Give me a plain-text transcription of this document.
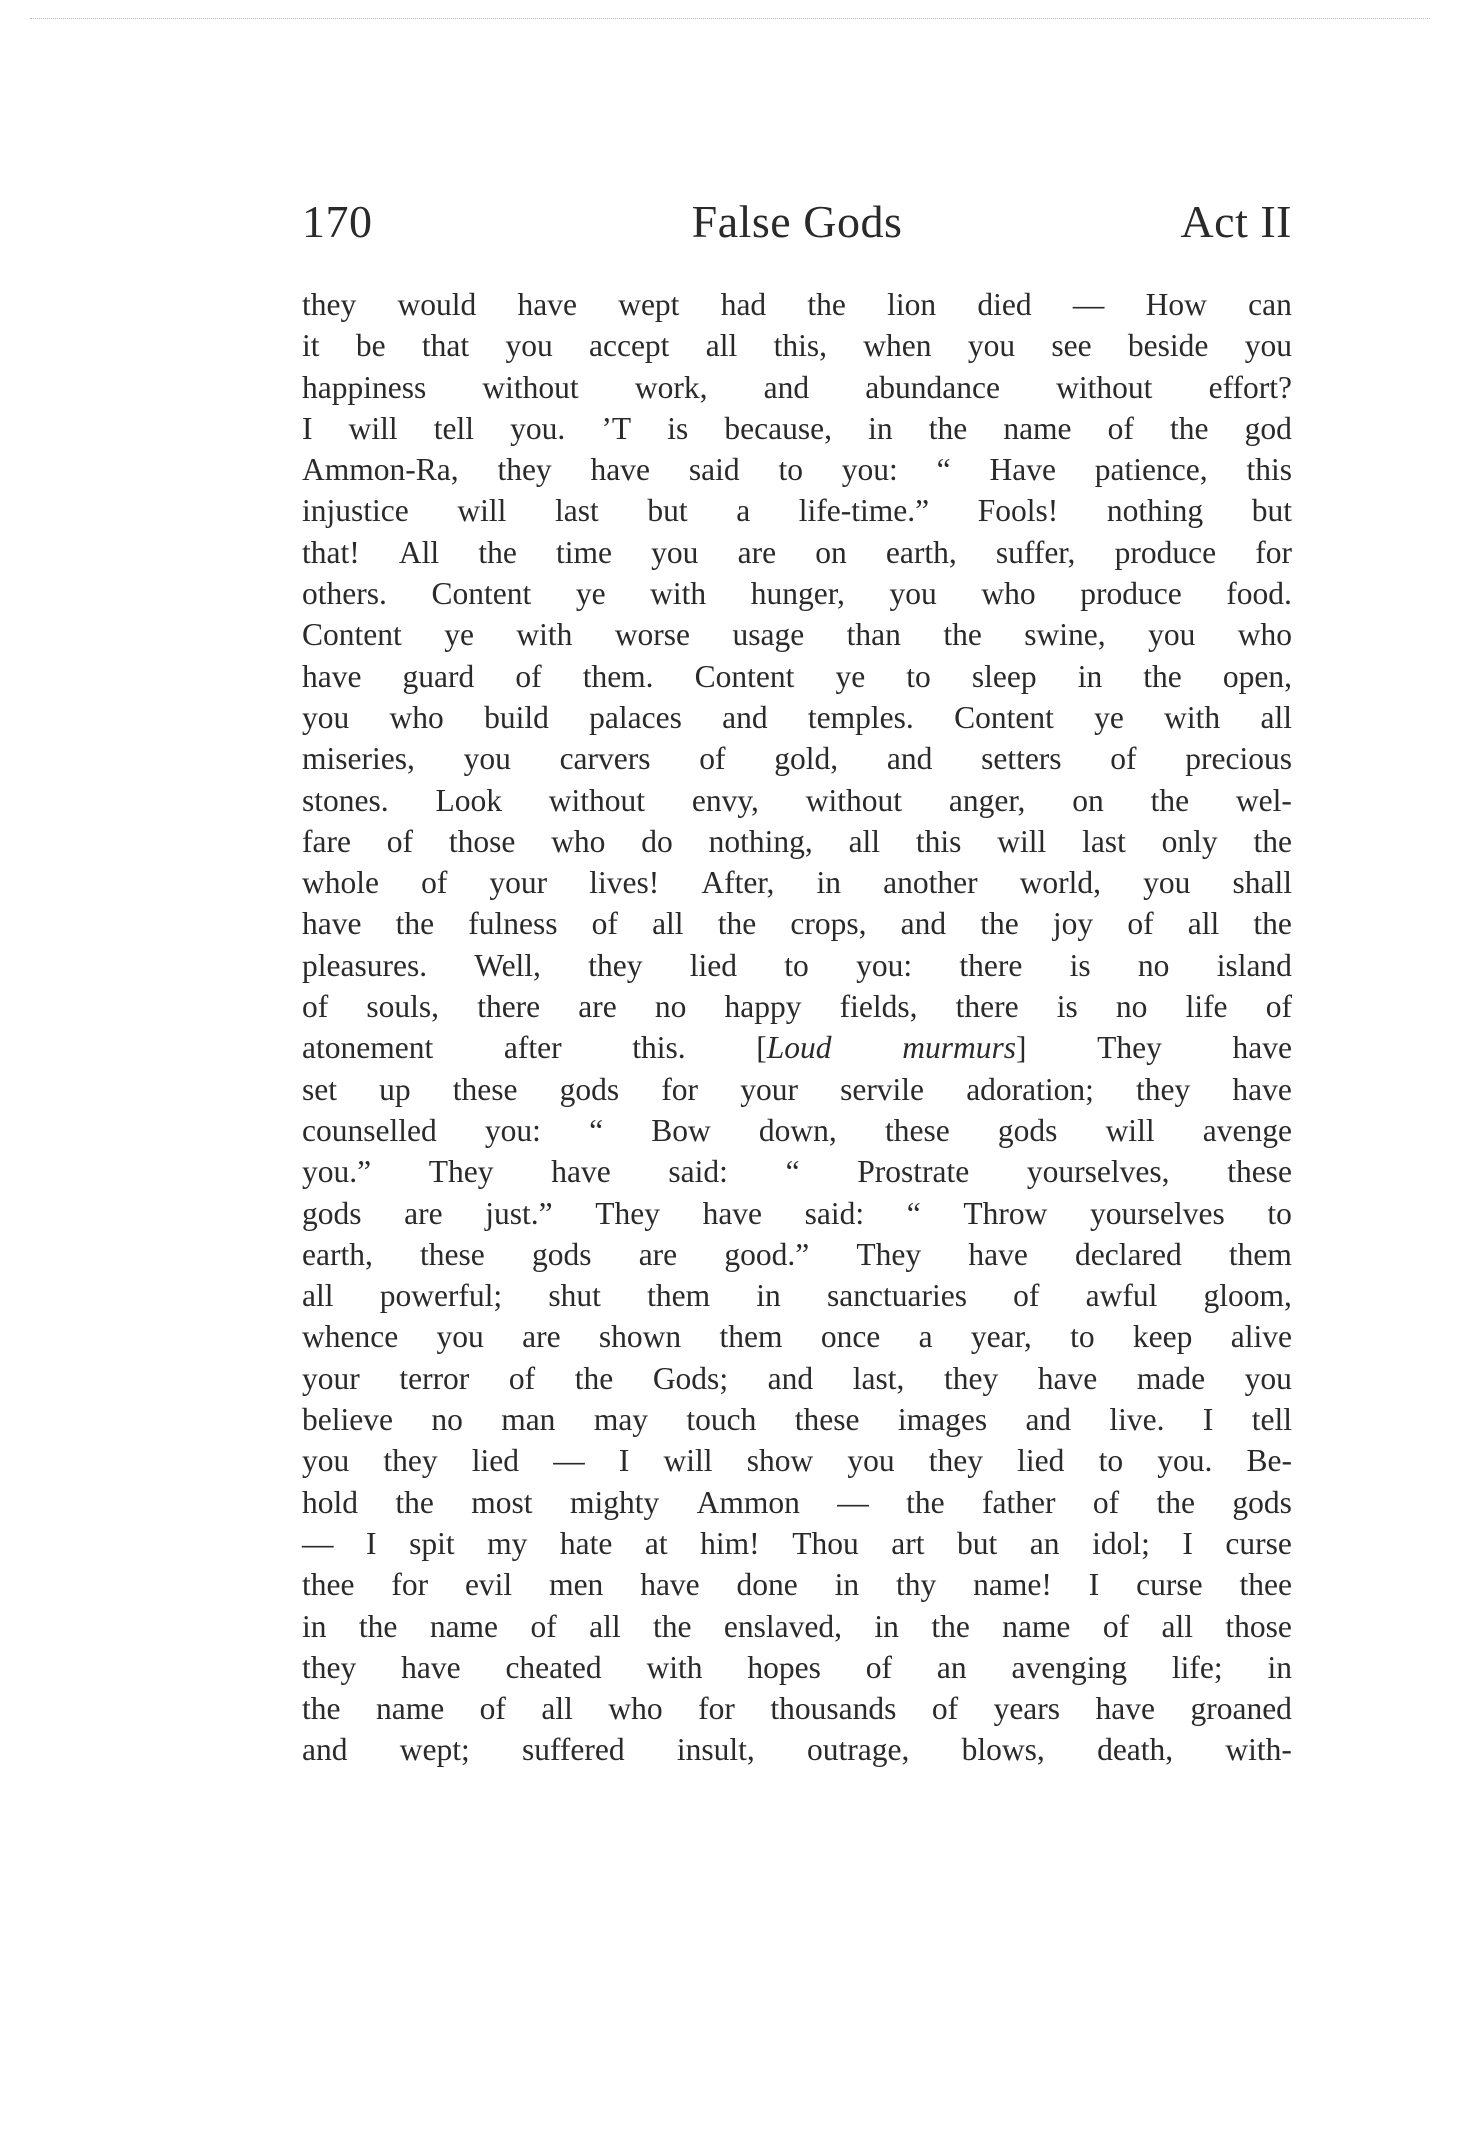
170	False Gods	Act II
they would have wept had the lion died — How can
it be that you accept all this, when you see beside you
happiness without work, and abundance without effort?
I will tell you. ’T is because, in the name of the god
Ammon-Ra, they have said to you: “ Have patience, this
injustice will last but a life-time.” Fools! nothing but
that! All the time you are on earth, suffer, produce for
others. Content ye with hunger, you who produce food.
Content ye with worse usage than the swine, you who
have guard of them. Content ye to sleep in the open,
you who build palaces and temples. Content ye with all
miseries, you carvers of gold, and setters of precious
stones. Look without envy, without anger, on the wel-
fare of those who do nothing, all this will last only the
whole of your lives! After, in another world, you shall
have the fulness of all the crops, and the joy of all the
pleasures. Well, they lied to you: there is no island
of souls, there are no happy fields, there is no life of
atonement after this. [Loud murmurs] They have
set up these gods for your servile adoration; they have
counselled you: “ Bow down, these gods will avenge
you.” They have said: “ Prostrate yourselves, these
gods are just.” They have said: “ Throw yourselves to
earth, these gods are good.” They have declared them
all powerful; shut them in sanctuaries of awful gloom,
whence you are shown them once a year, to keep alive
your terror of the Gods; and last, they have made you
believe no man may touch these images and live. I tell
you they lied — I will show you they lied to you. Be-
hold the most mighty Ammon — the father of the gods
— I spit my hate at him! Thou art but an idol; I curse
thee for evil men have done in thy name! I curse thee
in the name of all the enslaved, in the name of all those
they have cheated with hopes of an avenging life; in
the name of all who for thousands of years have groaned
and wept; suffered insult, outrage, blows, death, with-
